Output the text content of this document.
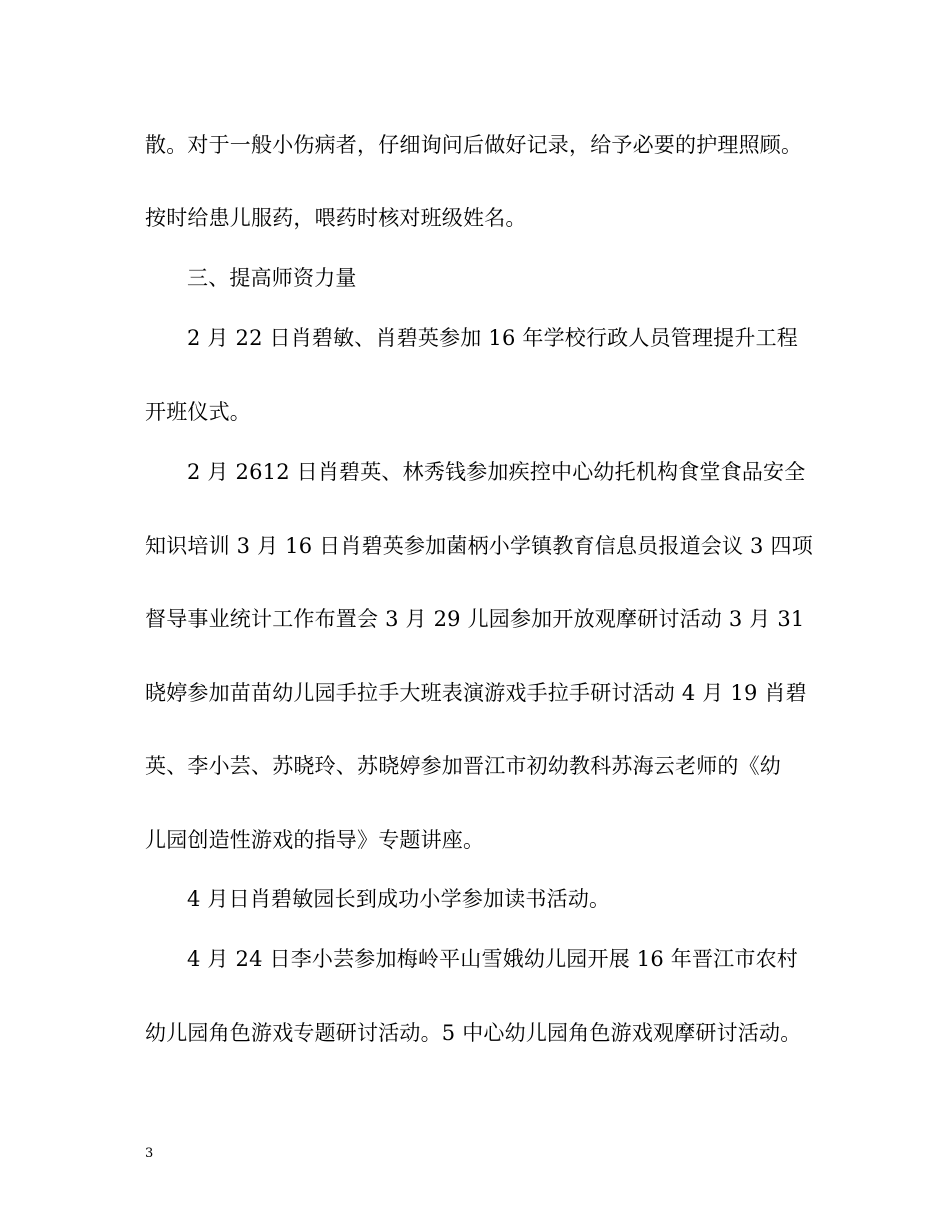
散。对于一般小伤病者，仔细询问后做好记录，给予必要的护理照顾。
按时给患儿服药，喂药时核对班级姓名。
三、提高师资力量
2 月 22 日肖碧敏、肖碧英参加 16 年学校行政人员管理提升工程
开班仪式。
2 月 2612 日肖碧英、林秀钱参加疾控中心幼托机构食堂食品安全
知识培训 3 月 16 日肖碧英参加菌柄小学镇教育信息员报道会议 3 四项
督导事业统计工作布置会 3 月 29 儿园参加开放观摩研讨活动 3 月 31
晓婷参加苗苗幼儿园手拉手大班表演游戏手拉手研讨活动 4 月 19 肖碧
英、李小芸、苏晓玲、苏晓婷参加晋江市初幼教科苏海云老师的《幼
儿园创造性游戏的指导》专题讲座。
4 月日肖碧敏园长到成功小学参加读书活动。
4 月 24 日李小芸参加梅岭平山雪娥幼儿园开展 16 年晋江市农村
幼儿园角色游戏专题研讨活动。5 中心幼儿园角色游戏观摩研讨活动。
3
